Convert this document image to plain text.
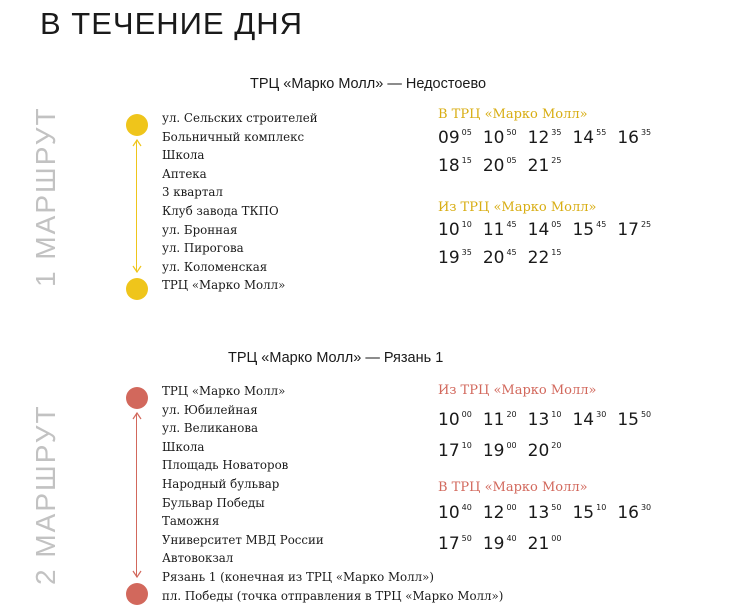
В ТЕЧЕНИЕ ДНЯ
ТРЦ «Марко Молл» — Недостоево
1 МАРШРУТ	ул. Сельских строителей
Больничный комплекс
Школа
Аптека
3 квартал
Клуб завода ТКПО
ул. Бронная
ул. Пирогова
ул. Коломенская
ТРЦ «Марко Молл»
В ТРЦ «Марко Молл»
09 $^{05}$ 10 $^{50}$ 12 $^{35}$ 14 $^{55}$ 16 $^{35}$
18 $^{15}$ 20 $^{05}$ 21 $^{25}$
Из ТРЦ «Марко Молл»
10 $^{10}$ 11 $^{45}$ 14 $^{05}$ 15 $^{45}$ 17 $^{25}$
19 $^{35}$ 20 $^{45}$ 22 $^{15}$
ТРЦ «Марко Молл» — Рязань 1
2 МАРШРУТ
ТРЦ «Марко Молл»
ул. Юбилейная
ул. Великанова
Школа
Площадь Новаторов
Народный бульвар
Бульвар Победы
Таможня
Университет МВД России
Автовокзал
Рязань 1 (конечная из ТРЦ «Марко Молл»)
пл. Победы (точка отправления в ТРЦ «Марко Молл»)
Из ТРЦ «Марко Молл»
10 $^{00}$ 11 $^{20}$ 13 $^{10}$ 14 $^{30}$ 15 $^{50}$
17 $^{10}$ 19 $^{00}$ 20 $^{20}$
В ТРЦ «Марко Молл»
10 $^{40}$ 12 $^{00}$ 13 $^{50}$ 15 $^{10}$ 16 $^{30}$
17 $^{50}$ 19 $^{40}$ 21 $^{00}$
